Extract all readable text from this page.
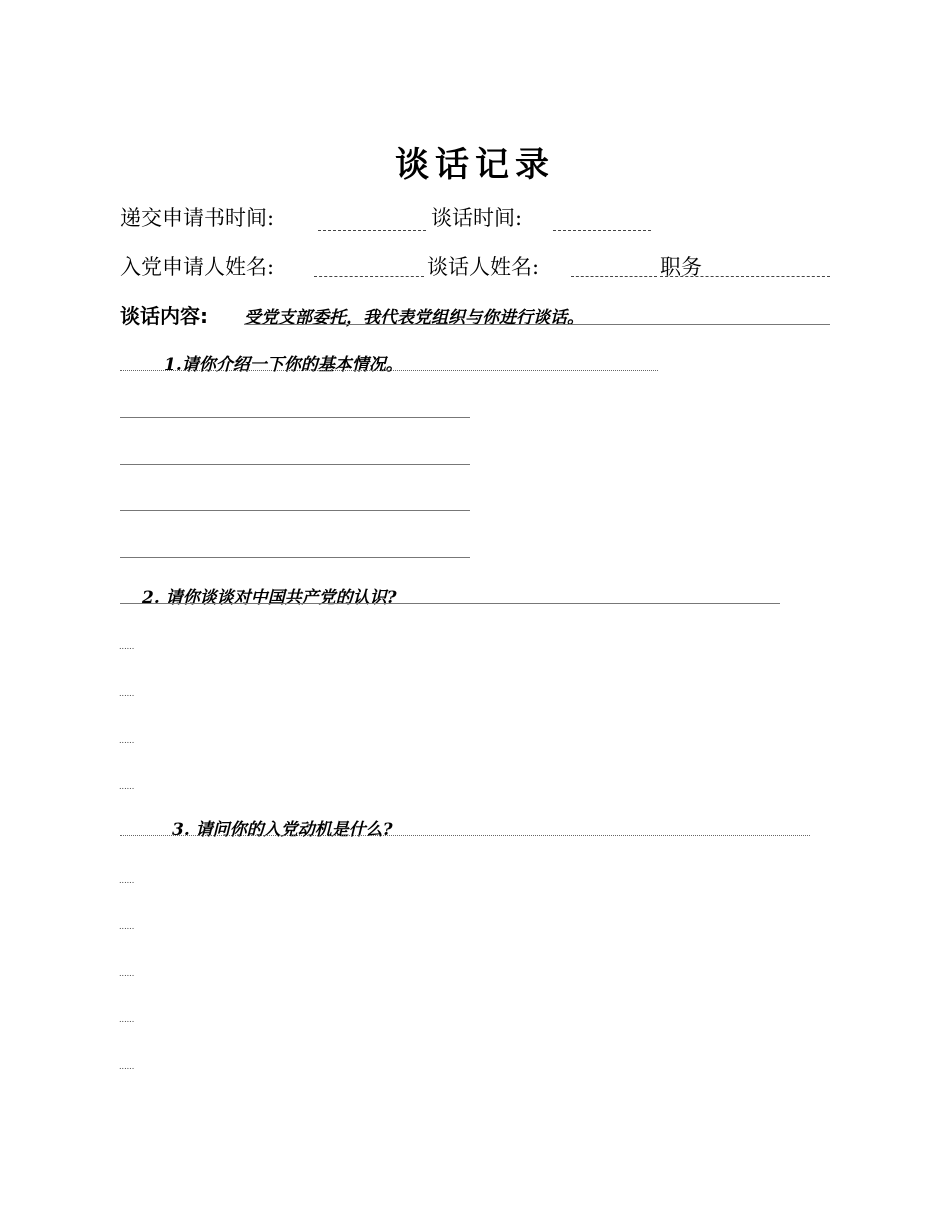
谈话记录
递交申请书时间:	谈话时间:
入党申请人姓名:	谈话人姓名:	职务
谈话内容: 受党支部委托，我代表党组织与你进行谈话。
1.请你介绍一下你的基本情况。
2. 请你谈谈对中国共产党的认识?
......
......
......
......
3. 请问你的入党动机是什么?
......
......
......
......
......
